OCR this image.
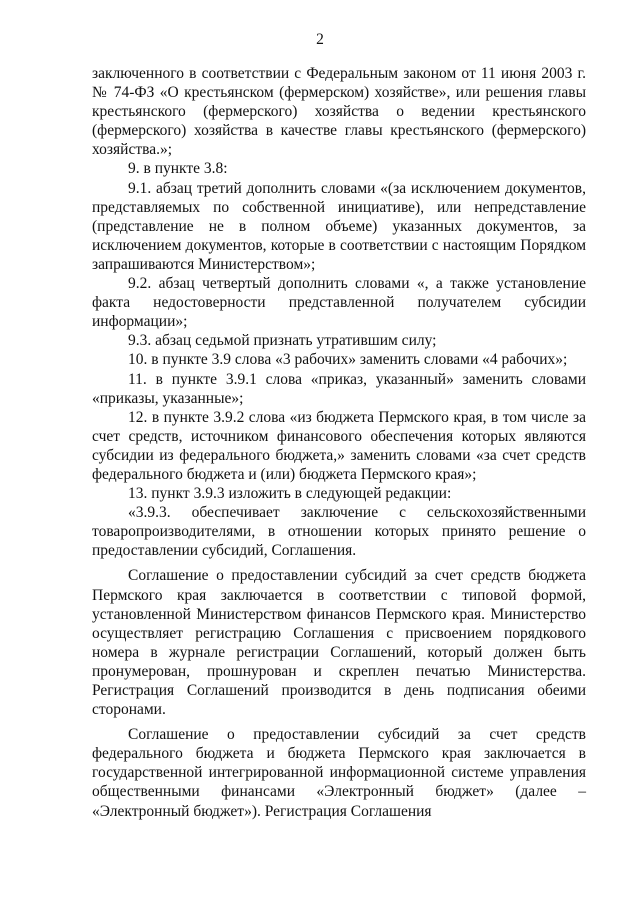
2

заключенного в соответствии с Федеральным законом от 11 июня 2003 г. № 74-ФЗ «О крестьянском (фермерском) хозяйстве», или решения главы крестьянского (фермерского) хозяйства о ведении крестьянского (фермерского) хозяйства в качестве главы крестьянского (фермерского) хозяйства.»;

9. в пункте 3.8:

9.1. абзац третий дополнить словами «(за исключением документов, представляемых по собственной инициативе), или непредставление (представление не в полном объеме) указанных документов, за исключением документов, которые в соответствии с настоящим Порядком запрашиваются Министерством»;

9.2. абзац четвертый дополнить словами «, а также установление факта недостоверности представленной получателем субсидии информации»;

9.3. абзац седьмой признать утратившим силу;

10. в пункте 3.9 слова «3 рабочих» заменить словами «4 рабочих»;

11. в пункте 3.9.1 слова «приказ, указанный» заменить словами «приказы, указанные»;

12. в пункте 3.9.2 слова «из бюджета Пермского края, в том числе за счет средств, источником финансового обеспечения которых являются субсидии из федерального бюджета,» заменить словами «за счет средств федерального бюджета и (или) бюджета Пермского края»;

13. пункт 3.9.3 изложить в следующей редакции:

«3.9.3. обеспечивает заключение с сельскохозяйственными товаропроизводителями, в отношении которых принято решение о предоставлении субсидий, Соглашения.

Соглашение о предоставлении субсидий за счет средств бюджета Пермского края заключается в соответствии с типовой формой, установленной Министерством финансов Пермского края. Министерство осуществляет регистрацию Соглашения с присвоением порядкового номера в журнале регистрации Соглашений, который должен быть пронумерован, прошнурован и скреплен печатью Министерства. Регистрация Соглашений производится в день подписания обеими сторонами.

Соглашение о предоставлении субсидий за счет средств федерального бюджета и бюджета Пермского края заключается в государственной интегрированной информационной системе управления общественными финансами «Электронный бюджет» (далее – «Электронный бюджет»). Регистрация Соглашения
